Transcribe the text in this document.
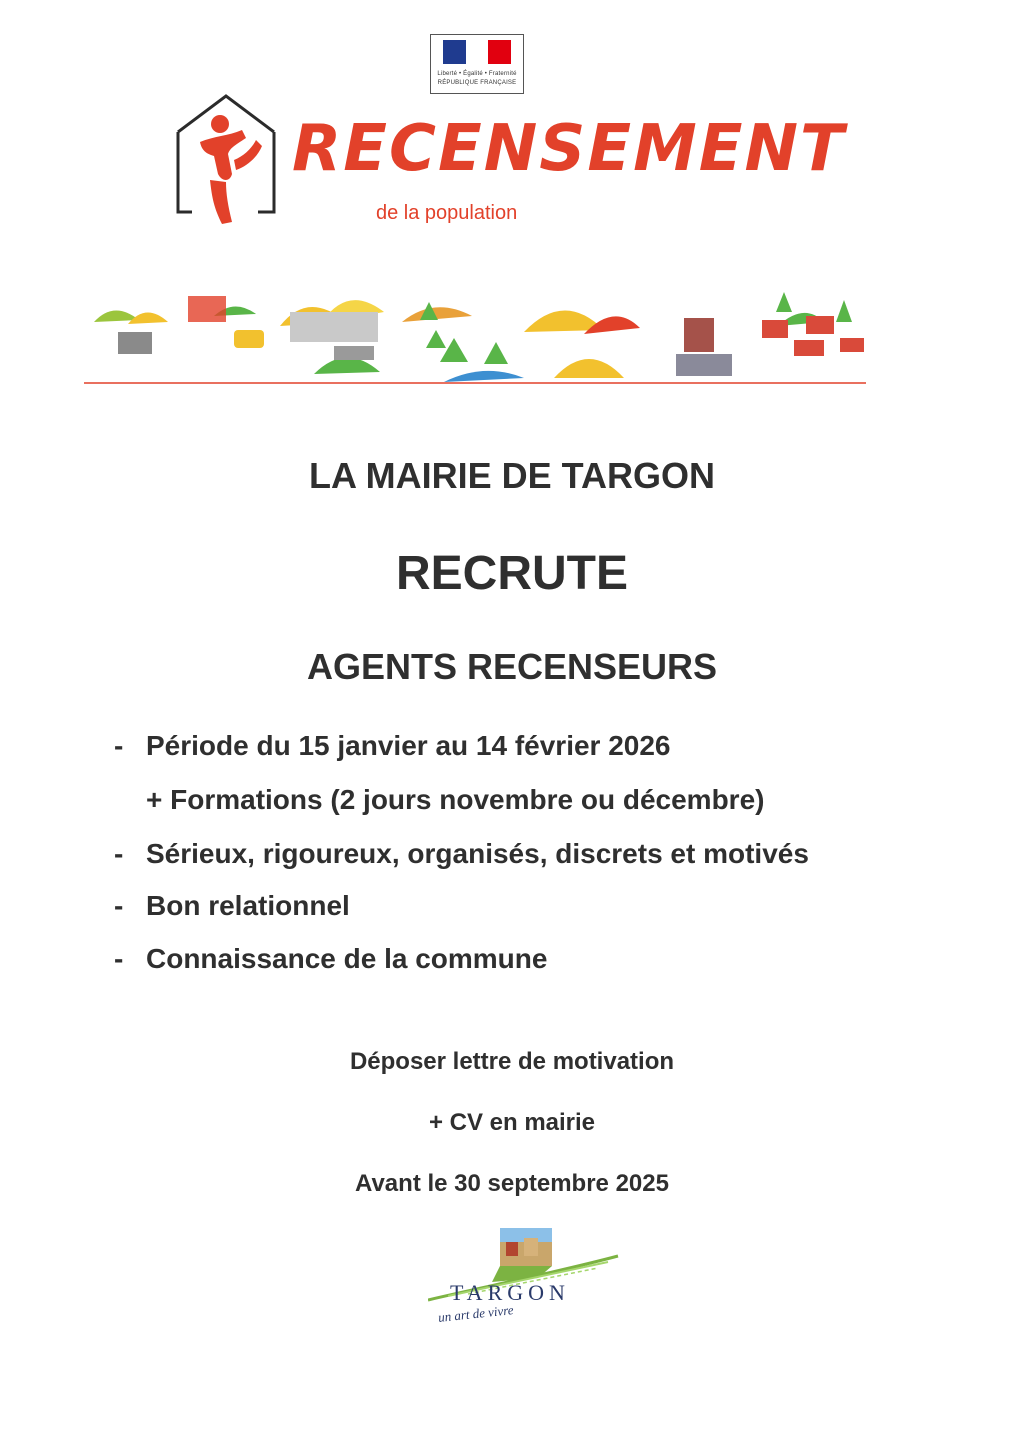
Liberté • Égalité • Fraternité
RÉPUBLIQUE FRANÇAISE
RECENSEMENT
de la population
LA MAIRIE DE TARGON
RECRUTE
AGENTS RECENSEURS
- Période du 15 janvier au 14 février 2026
+ Formations (2 jours novembre ou décembre)
- Sérieux, rigoureux, organisés, discrets et motivés
- Bon relationnel
- Connaissance de la commune
Déposer lettre de motivation
+ CV en mairie
Avant le 30 septembre 2025
TARGON
un art de vivre
